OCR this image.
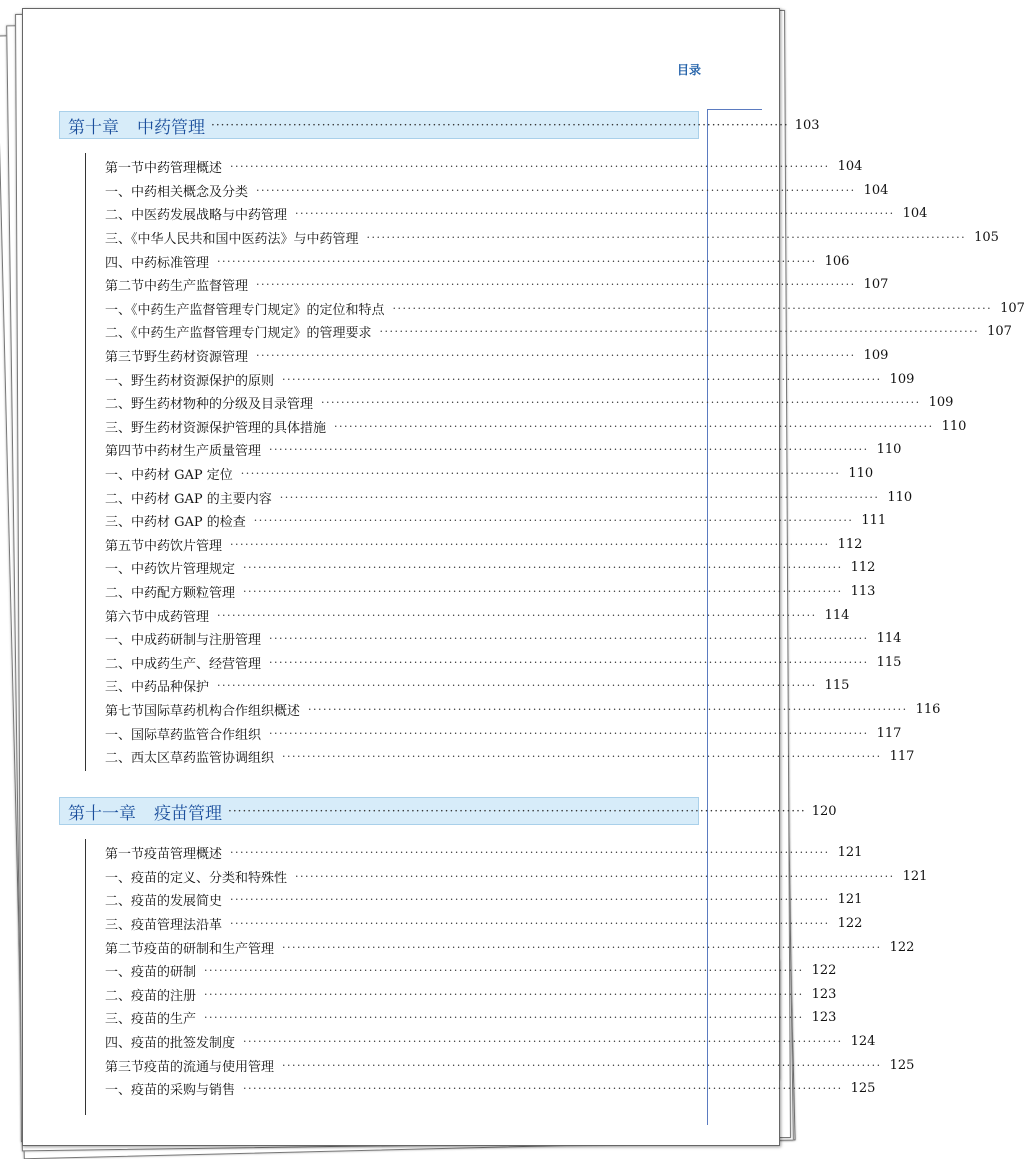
目录
第十章	中药管理 ························································································································ 103
第一节 中药管理概述 ························································································································ 104
一、中药相关概念及分类 ························································································································ 104
二、中医药发展战略与中药管理 ························································································································ 104
三、《中华人民共和国中医药法》与中药管理 ························································································································ 105
四、中药标准管理 ························································································································ 106
第二节 中药生产监督管理 ························································································································ 107
一、《中药生产监督管理专门规定》的定位和特点 ························································································································ 107
二、《中药生产监督管理专门规定》的管理要求 ························································································································ 107
第三节 野生药材资源管理 ························································································································ 109
一、野生药材资源保护的原则 ························································································································ 109
二、野生药材物种的分级及目录管理 ························································································································ 109
三、野生药材资源保护管理的具体措施 ························································································································ 110
第四节 中药材生产质量管理 ························································································································ 110
一、中药材 GAP 定位 ························································································································ 110
二、中药材 GAP 的主要内容 ························································································································ 110
三、中药材 GAP 的检查 ························································································································ 111
第五节 中药饮片管理 ························································································································ 112
一、中药饮片管理规定 ························································································································ 112
二、中药配方颗粒管理 ························································································································ 113
第六节 中成药管理 ························································································································ 114
一、中成药研制与注册管理 ························································································································ 114
二、中成药生产、经营管理 ························································································································ 115
三、中药品种保护 ························································································································ 115
第七节 国际草药机构合作组织概述 ························································································································ 116
一、国际草药监管合作组织 ························································································································ 117
二、西太区草药监管协调组织 ························································································································ 117
第十一章	疫苗管理 ························································································································ 120
第一节 疫苗管理概述 ························································································································ 121
一、疫苗的定义、分类和特殊性 ························································································································ 121
二、疫苗的发展简史 ························································································································ 121
三、疫苗管理法沿革 ························································································································ 122
第二节 疫苗的研制和生产管理 ························································································································ 122
一、疫苗的研制 ························································································································ 122
二、疫苗的注册 ························································································································ 123
三、疫苗的生产 ························································································································ 123
四、疫苗的批签发制度 ························································································································ 124
第三节 疫苗的流通与使用管理 ························································································································ 125
一、疫苗的采购与销售 ························································································································ 125
